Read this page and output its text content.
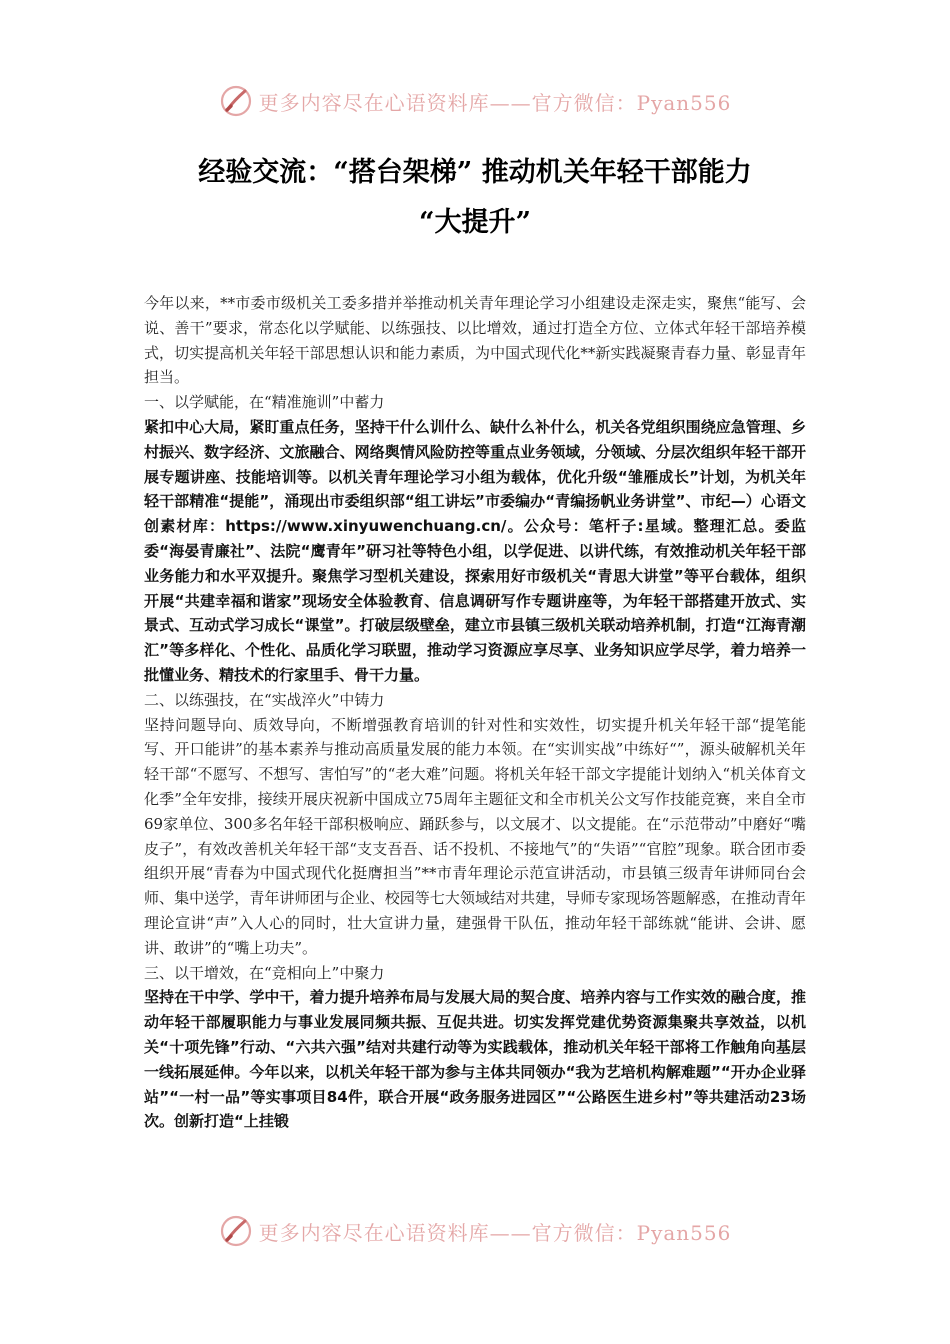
更多内容尽在心语资料库——官方微信：Pyan556
经验交流：“搭台架梯” 推动机关年轻干部能力
“大提升”

今年以来，**市委市级机关工委多措并举推动机关青年理论学习小组建设走深走实，聚焦“能写、会说、善干”要求，常态化以学赋能、以练强技、以比增效，通过打造全方位、立体式年轻干部培养模式，切实提高机关年轻干部思想认识和能力素质，为中国式现代化**新实践凝聚青春力量、彰显青年担当。

一、以学赋能，在“精准施训”中蓄力

紧扣中心大局，紧盯重点任务，坚持干什么训什么、缺什么补什么，机关各党组织围绕应急管理、乡村振兴、数字经济、文旅融合、网络舆情风险防控等重点业务领域，分领域、分层次组织年轻干部开展专题讲座、技能培训等。以机关青年理论学习小组为载体，优化升级“雏雁成长”计划，为机关年轻干部精准“提能”，涌现出市委组织部“组工讲坛”市委编办“青编扬帆业务讲堂”、市纪—）心语文创素材库：https://www.xinyuwenchuang.cn/。公众号：笔杆子:星域。整理汇总。委监委“海晏青廉社”、法院“鹰青年”研习社等特色小组，以学促进、以讲代练，有效推动机关年轻干部业务能力和水平双提升。聚焦学习型机关建设，探索用好市级机关“青思大讲堂”等平台载体，组织开展“共建幸福和谐家”现场安全体验教育、信息调研写作专题讲座等，为年轻干部搭建开放式、实景式、互动式学习成长“课堂”。打破层级壁垒，建立市县镇三级机关联动培养机制，打造“江海青潮汇”等多样化、个性化、品质化学习联盟，推动学习资源应享尽享、业务知识应学尽学，着力培养一批懂业务、精技术的行家里手、骨干力量。

二、以练强技，在“实战淬火”中铸力

坚持问题导向、质效导向，不断增强教育培训的针对性和实效性，切实提升机关年轻干部“提笔能写、开口能讲”的基本素养与推动高质量发展的能力本领。在“实训实战”中练好“”，源头破解机关年轻干部“不愿写、不想写、害怕写”的“老大难”问题。将机关年轻干部文字提能计划纳入“机关体育文化季”全年安排，接续开展庆祝新中国成立75周年主题征文和全市机关公文写作技能竞赛，来自全市69家单位、300多名年轻干部积极响应、踊跃参与，以文展才、以文提能。在“示范带动”中磨好“嘴皮子”，有效改善机关年轻干部“支支吾吾、话不投机、不接地气”的“失语”“官腔”现象。联合团市委组织开展“青春为中国式现代化挺膺担当”**市青年理论示范宣讲活动，市县镇三级青年讲师同台会师、集中送学，青年讲师团与企业、校园等七大领域结对共建，导师专家现场答题解惑，在推动青年理论宣讲“声”入人心的同时，壮大宣讲力量，建强骨干队伍，推动年轻干部练就“能讲、会讲、愿讲、敢讲”的“嘴上功夫”。

三、以干增效，在“竞相向上”中聚力

坚持在干中学、学中干，着力提升培养布局与发展大局的契合度、培养内容与工作实效的融合度，推动年轻干部履职能力与事业发展同频共振、互促共进。切实发挥党建优势资源集聚共享效益，以机关“十项先锋”行动、“六共六强”结对共建行动等为实践载体，推动机关年轻干部将工作触角向基层一线拓展延伸。今年以来，以机关年轻干部为参与主体共同领办“我为艺培机构解难题”“开办企业驿站”“一村一品”等实事项目84件，联合开展“政务服务进园区”“公路医生进乡村”等共建活动23场次。创新打造“上挂锻

更多内容尽在心语资料库——官方微信：Pyan556
